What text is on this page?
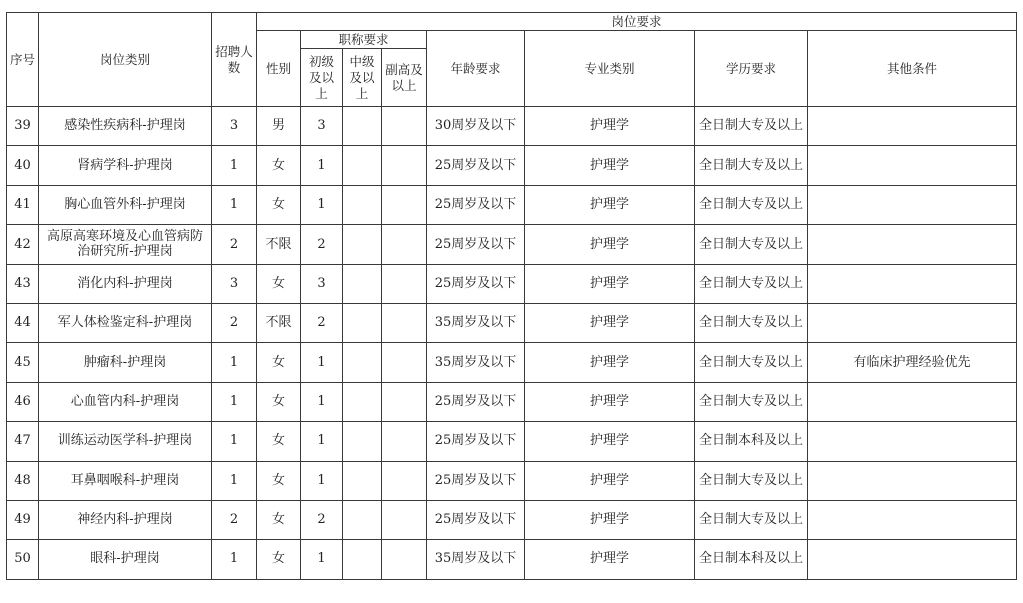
序号	岗位类别	招聘人数	岗位要求							
			性别	职称要求			年龄要求	专业类别	学历要求	其他条件
				初级及以上	中级及以上	副高及以上				
39	感染性疾病科-护理岗	3	男	3			30周岁及以下	护理学	全日制大专及以上	
40	肾病学科-护理岗	1	女	1			25周岁及以下	护理学	全日制大专及以上	
41	胸心血管外科-护理岗	1	女	1			25周岁及以下	护理学	全日制大专及以上	
42	高原高寒环境及心血管病防治研究所-护理岗	2	不限	2			25周岁及以下	护理学	全日制大专及以上	
43	消化内科-护理岗	3	女	3			25周岁及以下	护理学	全日制大专及以上	
44	军人体检鉴定科-护理岗	2	不限	2			35周岁及以下	护理学	全日制大专及以上	
45	肿瘤科-护理岗	1	女	1			35周岁及以下	护理学	全日制大专及以上	有临床护理经验优先
46	心血管内科-护理岗	1	女	1			25周岁及以下	护理学	全日制大专及以上	
47	训练运动医学科-护理岗	1	女	1			25周岁及以下	护理学	全日制本科及以上	
48	耳鼻咽喉科-护理岗	1	女	1			25周岁及以下	护理学	全日制大专及以上	
49	神经内科-护理岗	2	女	2			25周岁及以下	护理学	全日制大专及以上	
50	眼科-护理岗	1	女	1			35周岁及以下	护理学	全日制本科及以上	
